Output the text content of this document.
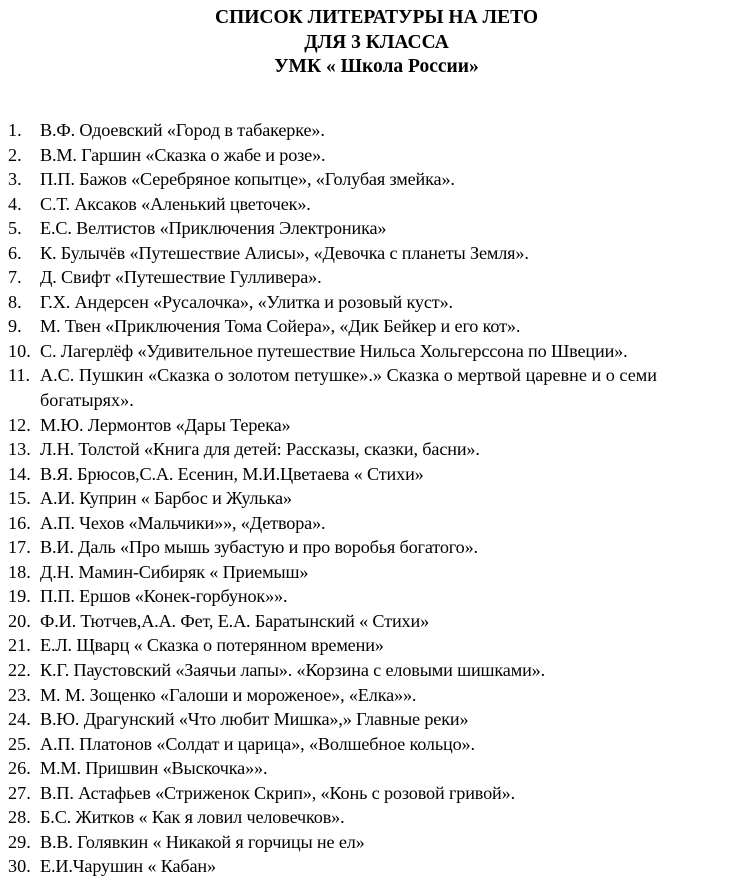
СПИСОК ЛИТЕРАТУРЫ НА ЛЕТО
ДЛЯ 3 КЛАССА
УМК « Школа России»
1.	В.Ф. Одоевский «Город в табакерке».
2.	В.М. Гаршин «Сказка о жабе и розе».
3.	П.П. Бажов «Серебряное копытце», «Голубая змейка».
4.	С.Т. Аксаков «Аленький цветочек».
5.	Е.С. Велтистов «Приключения Электроника»
6.	К. Булычёв «Путешествие Алисы», «Девочка с планеты Земля».
7.	Д. Свифт «Путешествие Гулливера».
8.	Г.Х. Андерсен «Русалочка», «Улитка и розовый куст».
9.	М. Твен «Приключения Тома Сойера», «Дик Бейкер и его кот».
10. С. Лагерлёф «Удивительное путешествие Нильса Хольгерссона по Швеции».
11. А.С. Пушкин «Сказка о золотом петушке».» Сказка о мертвой царевне и о семи богатырях».
12. М.Ю. Лермонтов «Дары Терека»
13. Л.Н. Толстой «Книга для детей: Рассказы, сказки, басни».
14. В.Я. Брюсов,С.А. Есенин, М.И.Цветаева « Стихи»
15. А.И. Куприн « Барбос и Жулька»
16. А.П. Чехов «Мальчики»», «Детвора».
17. В.И. Даль «Про мышь зубастую и про воробья богатого».
18. Д.Н. Мамин-Сибиряк « Приемыш»
19. П.П. Ершов «Конек-горбунок»».
20. Ф.И. Тютчев,А.А. Фет, Е.А. Баратынский « Стихи»
21. Е.Л. Щварц « Сказка о потерянном времени»
22. К.Г. Паустовский «Заячьи лапы». «Корзина с еловыми шишками».
23. М. М. Зощенко «Галоши и мороженое», «Елка»».
24. В.Ю. Драгунский «Что любит Мишка»,» Главные реки»
25. А.П. Платонов «Солдат и царица», «Волшебное кольцо».
26. М.М. Пришвин «Выскочка»».
27. В.П. Астафьев «Стриженок Скрип», «Конь с розовой гривой».
28. Б.С. Житков « Как я ловил человечков».
29. В.В. Голявкин « Никакой я горчицы не ел»
30. Е.И.Чарушин « Кабан»
